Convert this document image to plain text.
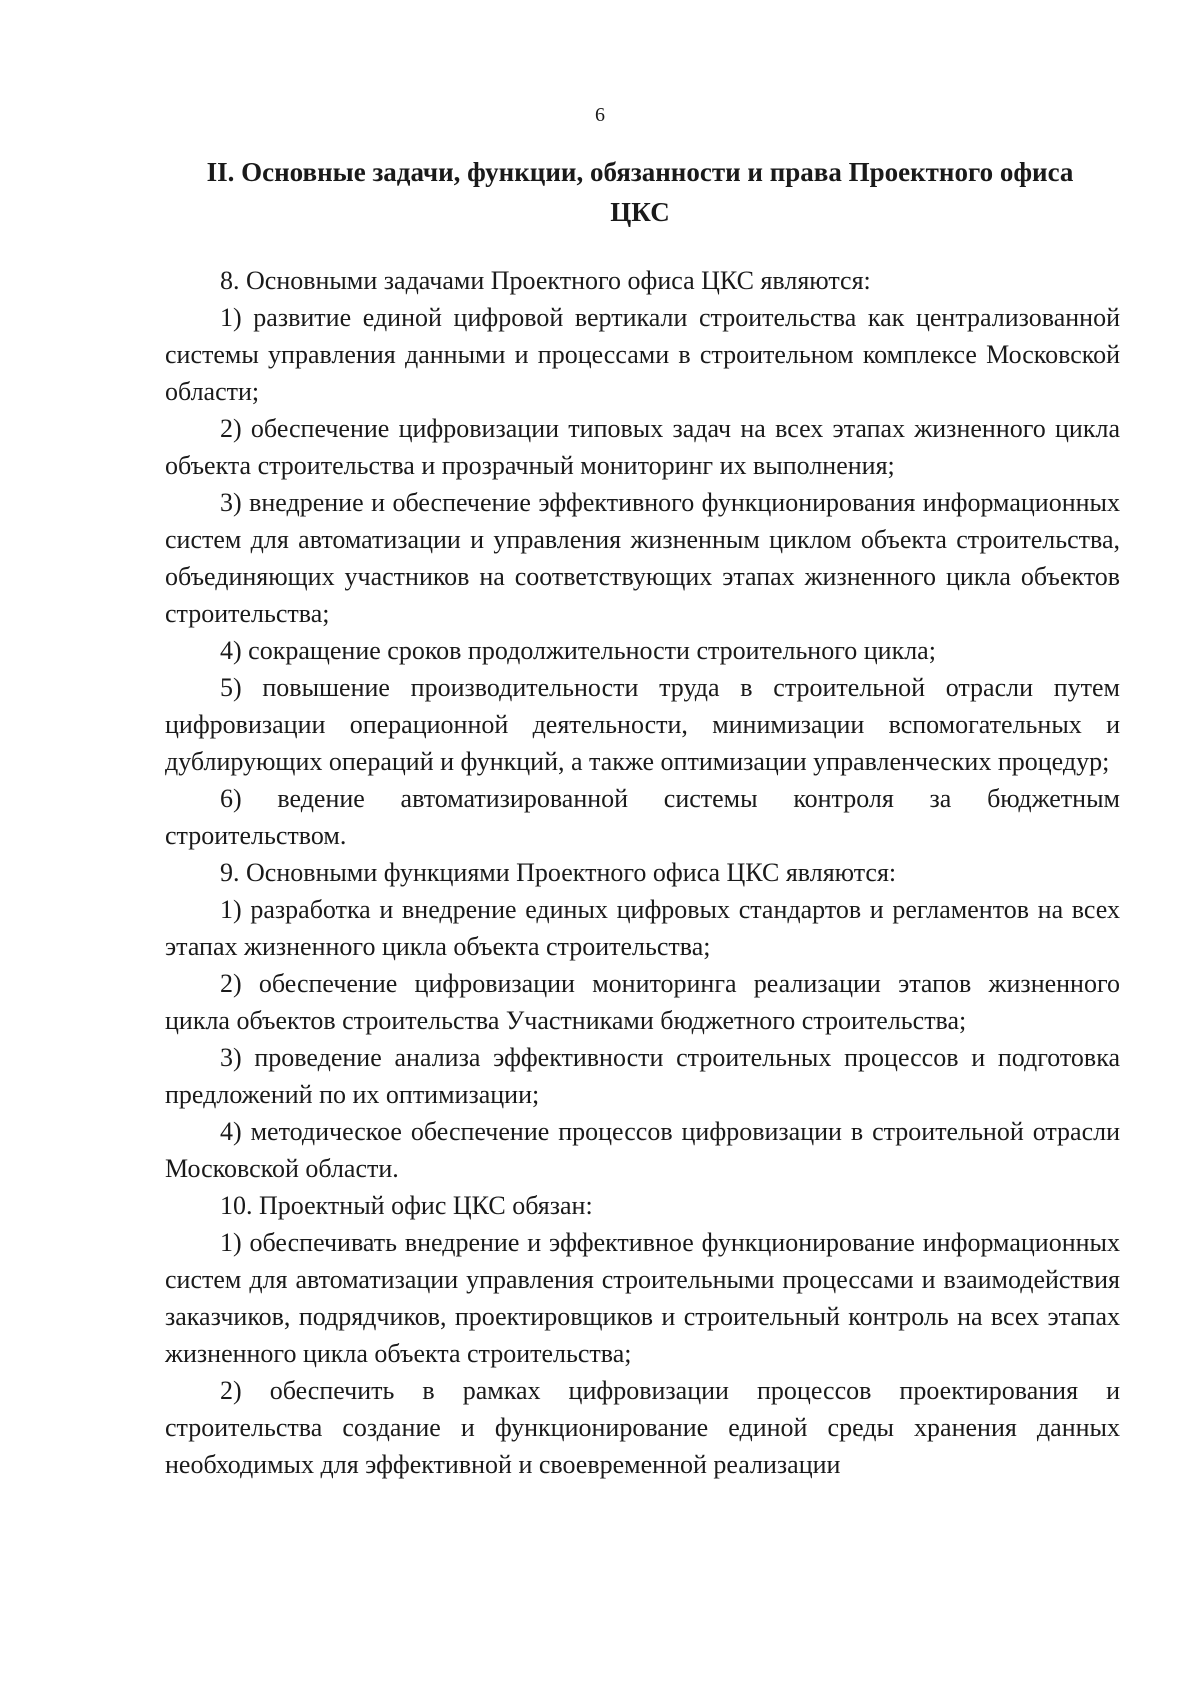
6
II. Основные задачи, функции, обязанности и права Проектного офиса
ЦКС

8. Основными задачами Проектного офиса ЦКС являются:

1) развитие единой цифровой вертикали строительства как централизованной системы управления данными и процессами в строительном комплексе Московской области;

2) обеспечение цифровизации типовых задач на всех этапах жизненного цикла объекта строительства и прозрачный мониторинг их выполнения;

3) внедрение и обеспечение эффективного функционирования информационных систем для автоматизации и управления жизненным циклом объекта строительства, объединяющих участников на соответствующих этапах жизненного цикла объектов строительства;

4) сокращение сроков продолжительности строительного цикла;

5) повышение производительности труда в строительной отрасли путем цифровизации операционной деятельности, минимизации вспомогательных и дублирующих операций и функций, а также оптимизации управленческих процедур;

6) ведение автоматизированной системы контроля за бюджетным строительством.

9. Основными функциями Проектного офиса ЦКС являются:

1) разработка и внедрение единых цифровых стандартов и регламентов на всех этапах жизненного цикла объекта строительства;

2) обеспечение цифровизации мониторинга реализации этапов жизненного цикла объектов строительства Участниками бюджетного строительства;

3) проведение анализа эффективности строительных процессов и подготовка предложений по их оптимизации;

4) методическое обеспечение процессов цифровизации в строительной отрасли Московской области.

10. Проектный офис ЦКС обязан:

1) обеспечивать внедрение и эффективное функционирование информационных систем для автоматизации управления строительными процессами и взаимодействия заказчиков, подрядчиков, проектировщиков и строительный контроль на всех этапах жизненного цикла объекта строительства;

2) обеспечить в рамках цифровизации процессов проектирования и строительства создание и функционирование единой среды хранения данных необходимых для эффективной и своевременной реализации
